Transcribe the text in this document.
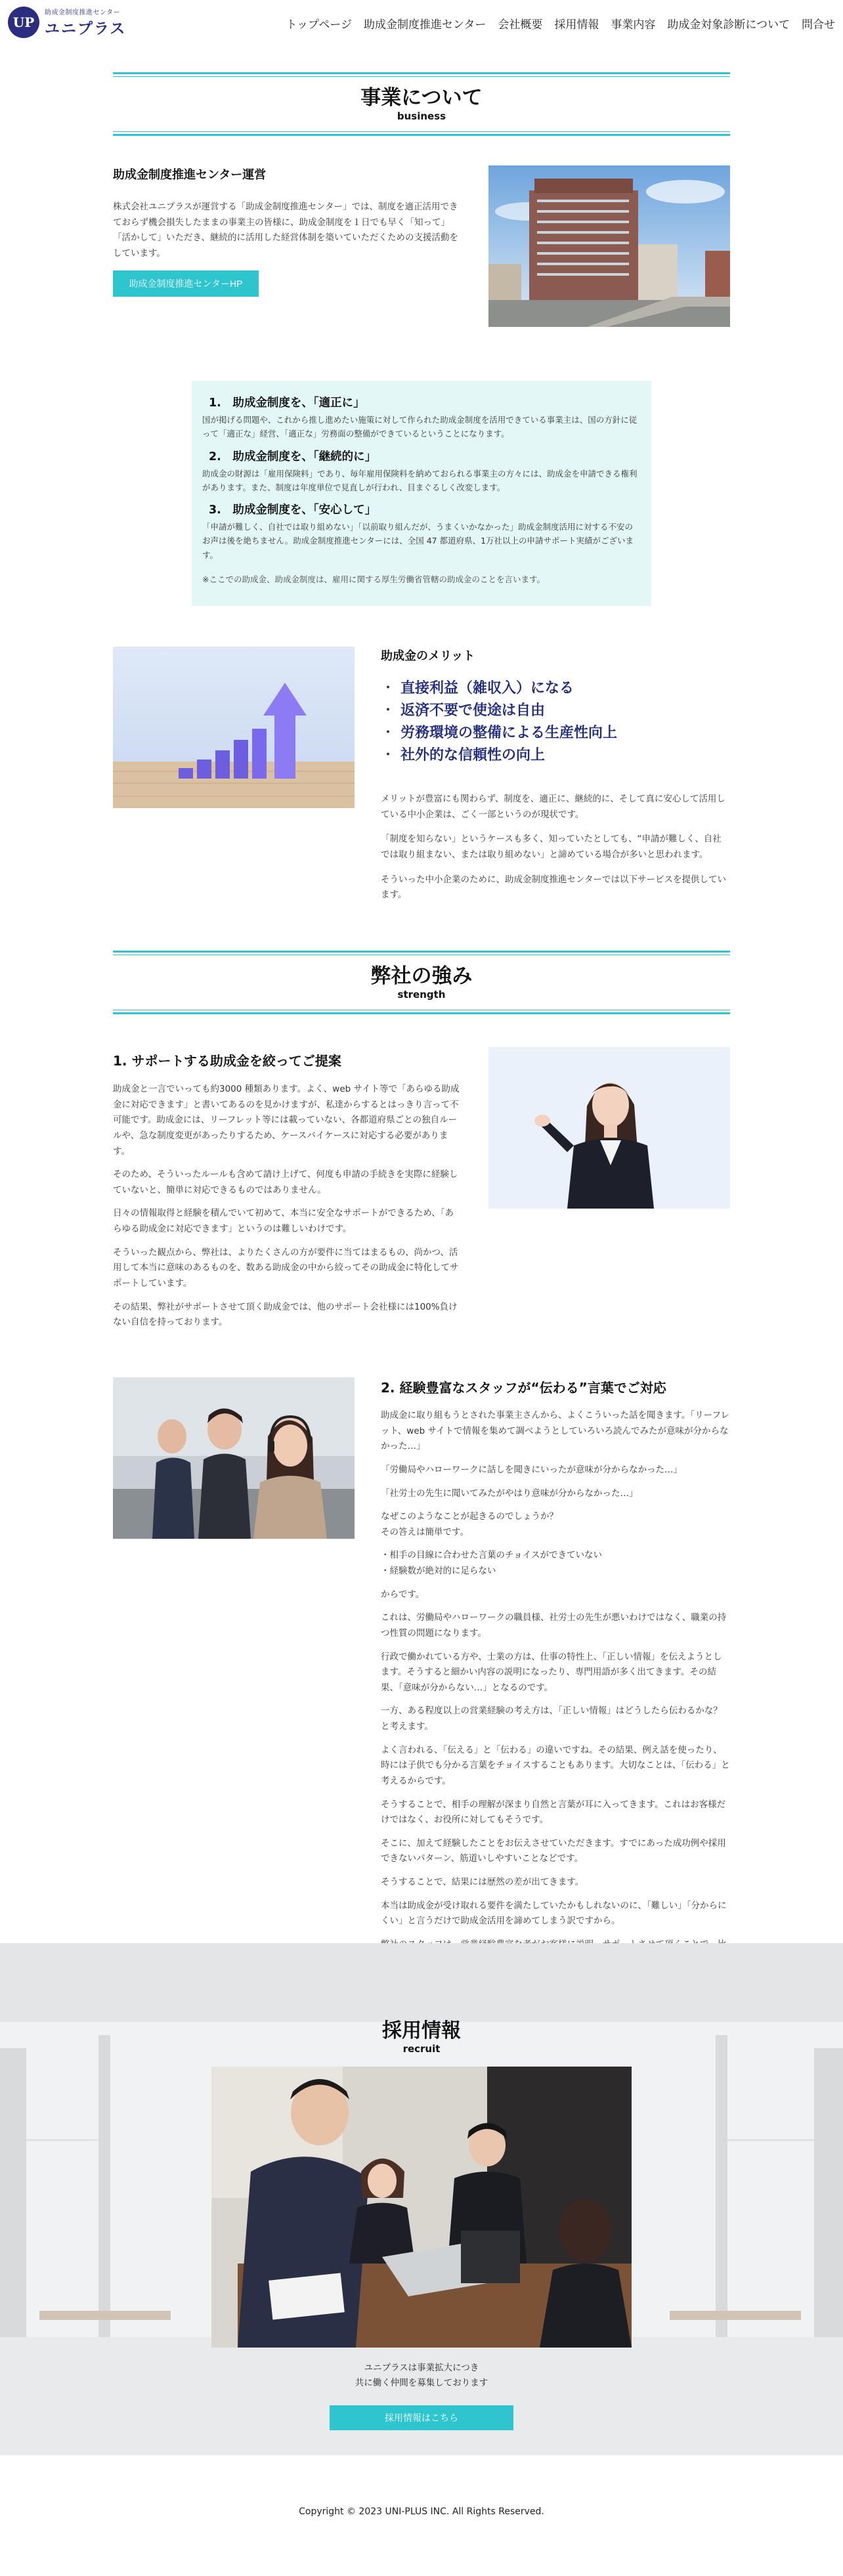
UP
助成金制度推進センター
ユニプラス	トップページ 助成金制度推進センター 会社概要 採用情報 事業内容 助成金対象診断について 問合せ
事業について
business
助成金制度推進センター運営

株式会社ユニプラスが運営する「助成金制度推進センター」では、制度を適正活用できておらず機会損失したままの事業主の皆様に、助成金制度を１日でも早く「知って」「活かして」いただき、継続的に活用した経営体制を築いていただくための支援活動をしています。

助成金制度推進センターHP
1.　助成金制度を、「適正に」

国が掲げる問題や、これから推し進めたい施策に対して作られた助成金制度を活用できている事業主は、国の方針に従って「適正な」経営、「適正な」労務面の整備ができているということになります。

2.　助成金制度を、「継続的に」

助成金の財源は「雇用保険料」であり、毎年雇用保険料を納めておられる事業主の方々には、助成金を申請できる権利があります。また、制度は年度単位で見直しが行われ、目まぐるしく改変します。

3.　助成金制度を、「安心して」

「申請が難しく、自社では取り組めない」「以前取り組んだが、うまくいかなかった」助成金制度活用に対する不安のお声は後を絶ちません。助成金制度推進センターには、全国 47 都道府県、1万社以上の申請サポート実績がございます。

※ここでの助成金、助成金制度は、雇用に関する厚生労働省管轄の助成金のことを言います。

助成金のメリット
・ 直接利益（雑収入）になる
・ 返済不要で使途は自由
・ 労務環境の整備による生産性向上
・ 社外的な信頼性の向上

メリットが豊富にも関わらず、制度を、適正に、継続的に、そして真に安心して活用している中小企業は、ごく一部というのが現状です。

「制度を知らない」というケースも多く、知っていたとしても、“申請が難しく、自社では取り組まない、または取り組めない」と諦めている場合が多いと思われます。

そういった中小企業のために、助成金制度推進センターでは以下サービスを提供しています。

弊社の強み
strength
1. サポートする助成金を絞ってご提案

助成金と一言でいっても約3000 種類あります。よく、web サイト等で「あらゆる助成金に対応できます」と書いてあるのを見かけますが、私達からするとはっきり言って不可能です。助成金には、リーフレット等には載っていない、各都道府県ごとの独自ルールや、急な制度変更があったりするため、ケースバイケースに対応する必要があります。

そのため、そういったルールも含めて請け上げて、何度も申請の手続きを実際に経験していないと、簡単に対応できるものではありません。

日々の情報取得と経験を積んでいて初めて、本当に安全なサポートができるため、「あらゆる助成金に対応できます」というのは難しいわけです。

そういった観点から、弊社は、よりたくさんの方が要件に当てはまるもの、尚かつ、活用して本当に意味のあるものを、数ある助成金の中から絞ってその助成金に特化してサポートしています。

その結果、弊社がサポートさせて頂く助成金では、他のサポート会社様には100%負けない自信を持っております。

2. 経験豊富なスタッフが“伝わる”言葉でご対応

助成金に取り組もうとされた事業主さんから、よくこういった話を聞きます。「リーフレット、web サイトで情報を集めて調べようとしていろいろ読んでみたが意味が分からなかった…」

「労働局やハローワークに話しを聞きにいったが意味が分からなかった…」

「社労士の先生に聞いてみたがやはり意味が分からなかった…」

なぜこのようなことが起きるのでしょうか？
その答えは簡単です。

・相手の目線に合わせた言葉のチョイスができていない
・経験数が絶対的に足らない

からです。

これは、労働局やハローワークの職員様、社労士の先生が悪いわけではなく、職業の持つ性質の問題になります。

行政で働かれている方や、士業の方は、仕事の特性上、「正しい情報」を伝えようとします。そうすると細かい内容の説明になったり、専門用語が多く出てきます。その結果、「意味が分からない…」となるのです。

一方、ある程度以上の営業経験の考え方は、「正しい情報」はどうしたら伝わるかな？と考えます。

よく言われる、「伝える」と「伝わる」の違いですね。その結果、例え話を使ったり、時には子供でも分かる言葉をチョイスすることもあります。大切なことは、「伝わる」と考えるからです。

そうすることで、相手の理解が深まり自然と言葉が耳に入ってきます。これはお客様だけではなく、お役所に対してもそうです。

そこに、加えて経験したことをお伝えさせていただきます。すでにあった成功例や採用できないパターン、筋道いしやすいことなどです。

そうすることで、結果には歴然の差が出てきます。

本当は助成金が受け取れる要件を満たしていたかもしれないのに、「難しい」「分からにくい」と言うだけで助成金活用を諦めてしまう訳ですから。

採用情報
recruit
ユニプラスは事業拡大につき
共に働く仲間を募集しております
採用情報はこちら
Copyright © 2023 UNI-PLUS INC. All Rights Reserved.
